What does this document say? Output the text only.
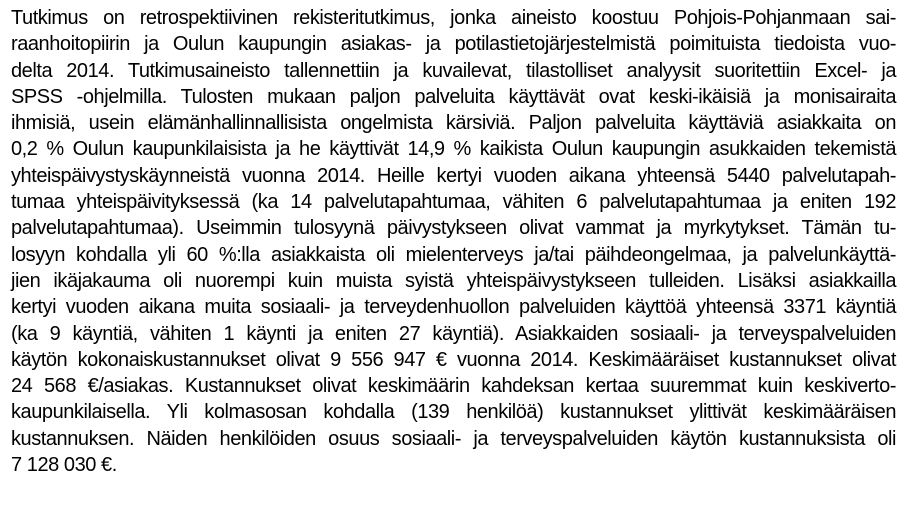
Tutkimus on retrospektiivinen rekisteritutkimus, jonka aineisto koostuu Pohjois-Pohjanmaan sai-
raanhoitopiirin ja Oulun kaupungin asiakas- ja potilastietojärjestelmistä poimituista tiedoista vuo-
delta 2014. Tutkimusaineisto tallennettiin ja kuvailevat, tilastolliset analyysit suoritettiin Excel- ja
SPSS -ohjelmilla. Tulosten mukaan paljon palveluita käyttävät ovat keski-ikäisiä ja monisairaita
ihmisiä, usein elämänhallinnallisista ongelmista kärsiviä. Paljon palveluita käyttäviä asiakkaita on
0,2 % Oulun kaupunkilaisista ja he käyttivät 14,9 % kaikista Oulun kaupungin asukkaiden tekemistä
yhteispäivystyskäynneistä vuonna 2014. Heille kertyi vuoden aikana yhteensä 5440 palvelutapah-
tumaa yhteispäivityksessä (ka 14 palvelutapahtumaa, vähiten 6 palvelutapahtumaa ja eniten 192
palvelutapahtumaa). Useimmin tulosyynä päivystykseen olivat vammat ja myrkytykset. Tämän tu-
losyyn kohdalla yli 60 %:lla asiakkaista oli mielenterveys ja/tai päihdeongelmaa, ja palvelunkäyttä-
jien ikäjakauma oli nuorempi kuin muista syistä yhteispäivystykseen tulleiden. Lisäksi asiakkailla
kertyi vuoden aikana muita sosiaali- ja terveydenhuollon palveluiden käyttöä yhteensä 3371 käyntiä
(ka 9 käyntiä, vähiten 1 käynti ja eniten 27 käyntiä). Asiakkaiden sosiaali- ja terveyspalveluiden
käytön kokonaiskustannukset olivat 9 556 947 € vuonna 2014. Keskimääräiset kustannukset olivat
24 568 €/asiakas. Kustannukset olivat keskimäärin kahdeksan kertaa suuremmat kuin keskiverto-
kaupunkilaisella. Yli kolmasosan kohdalla (139 henkilöä) kustannukset ylittivät keskimääräisen
kustannuksen. Näiden henkilöiden osuus sosiaali- ja terveyspalveluiden käytön kustannuksista oli
7 128 030 €.
